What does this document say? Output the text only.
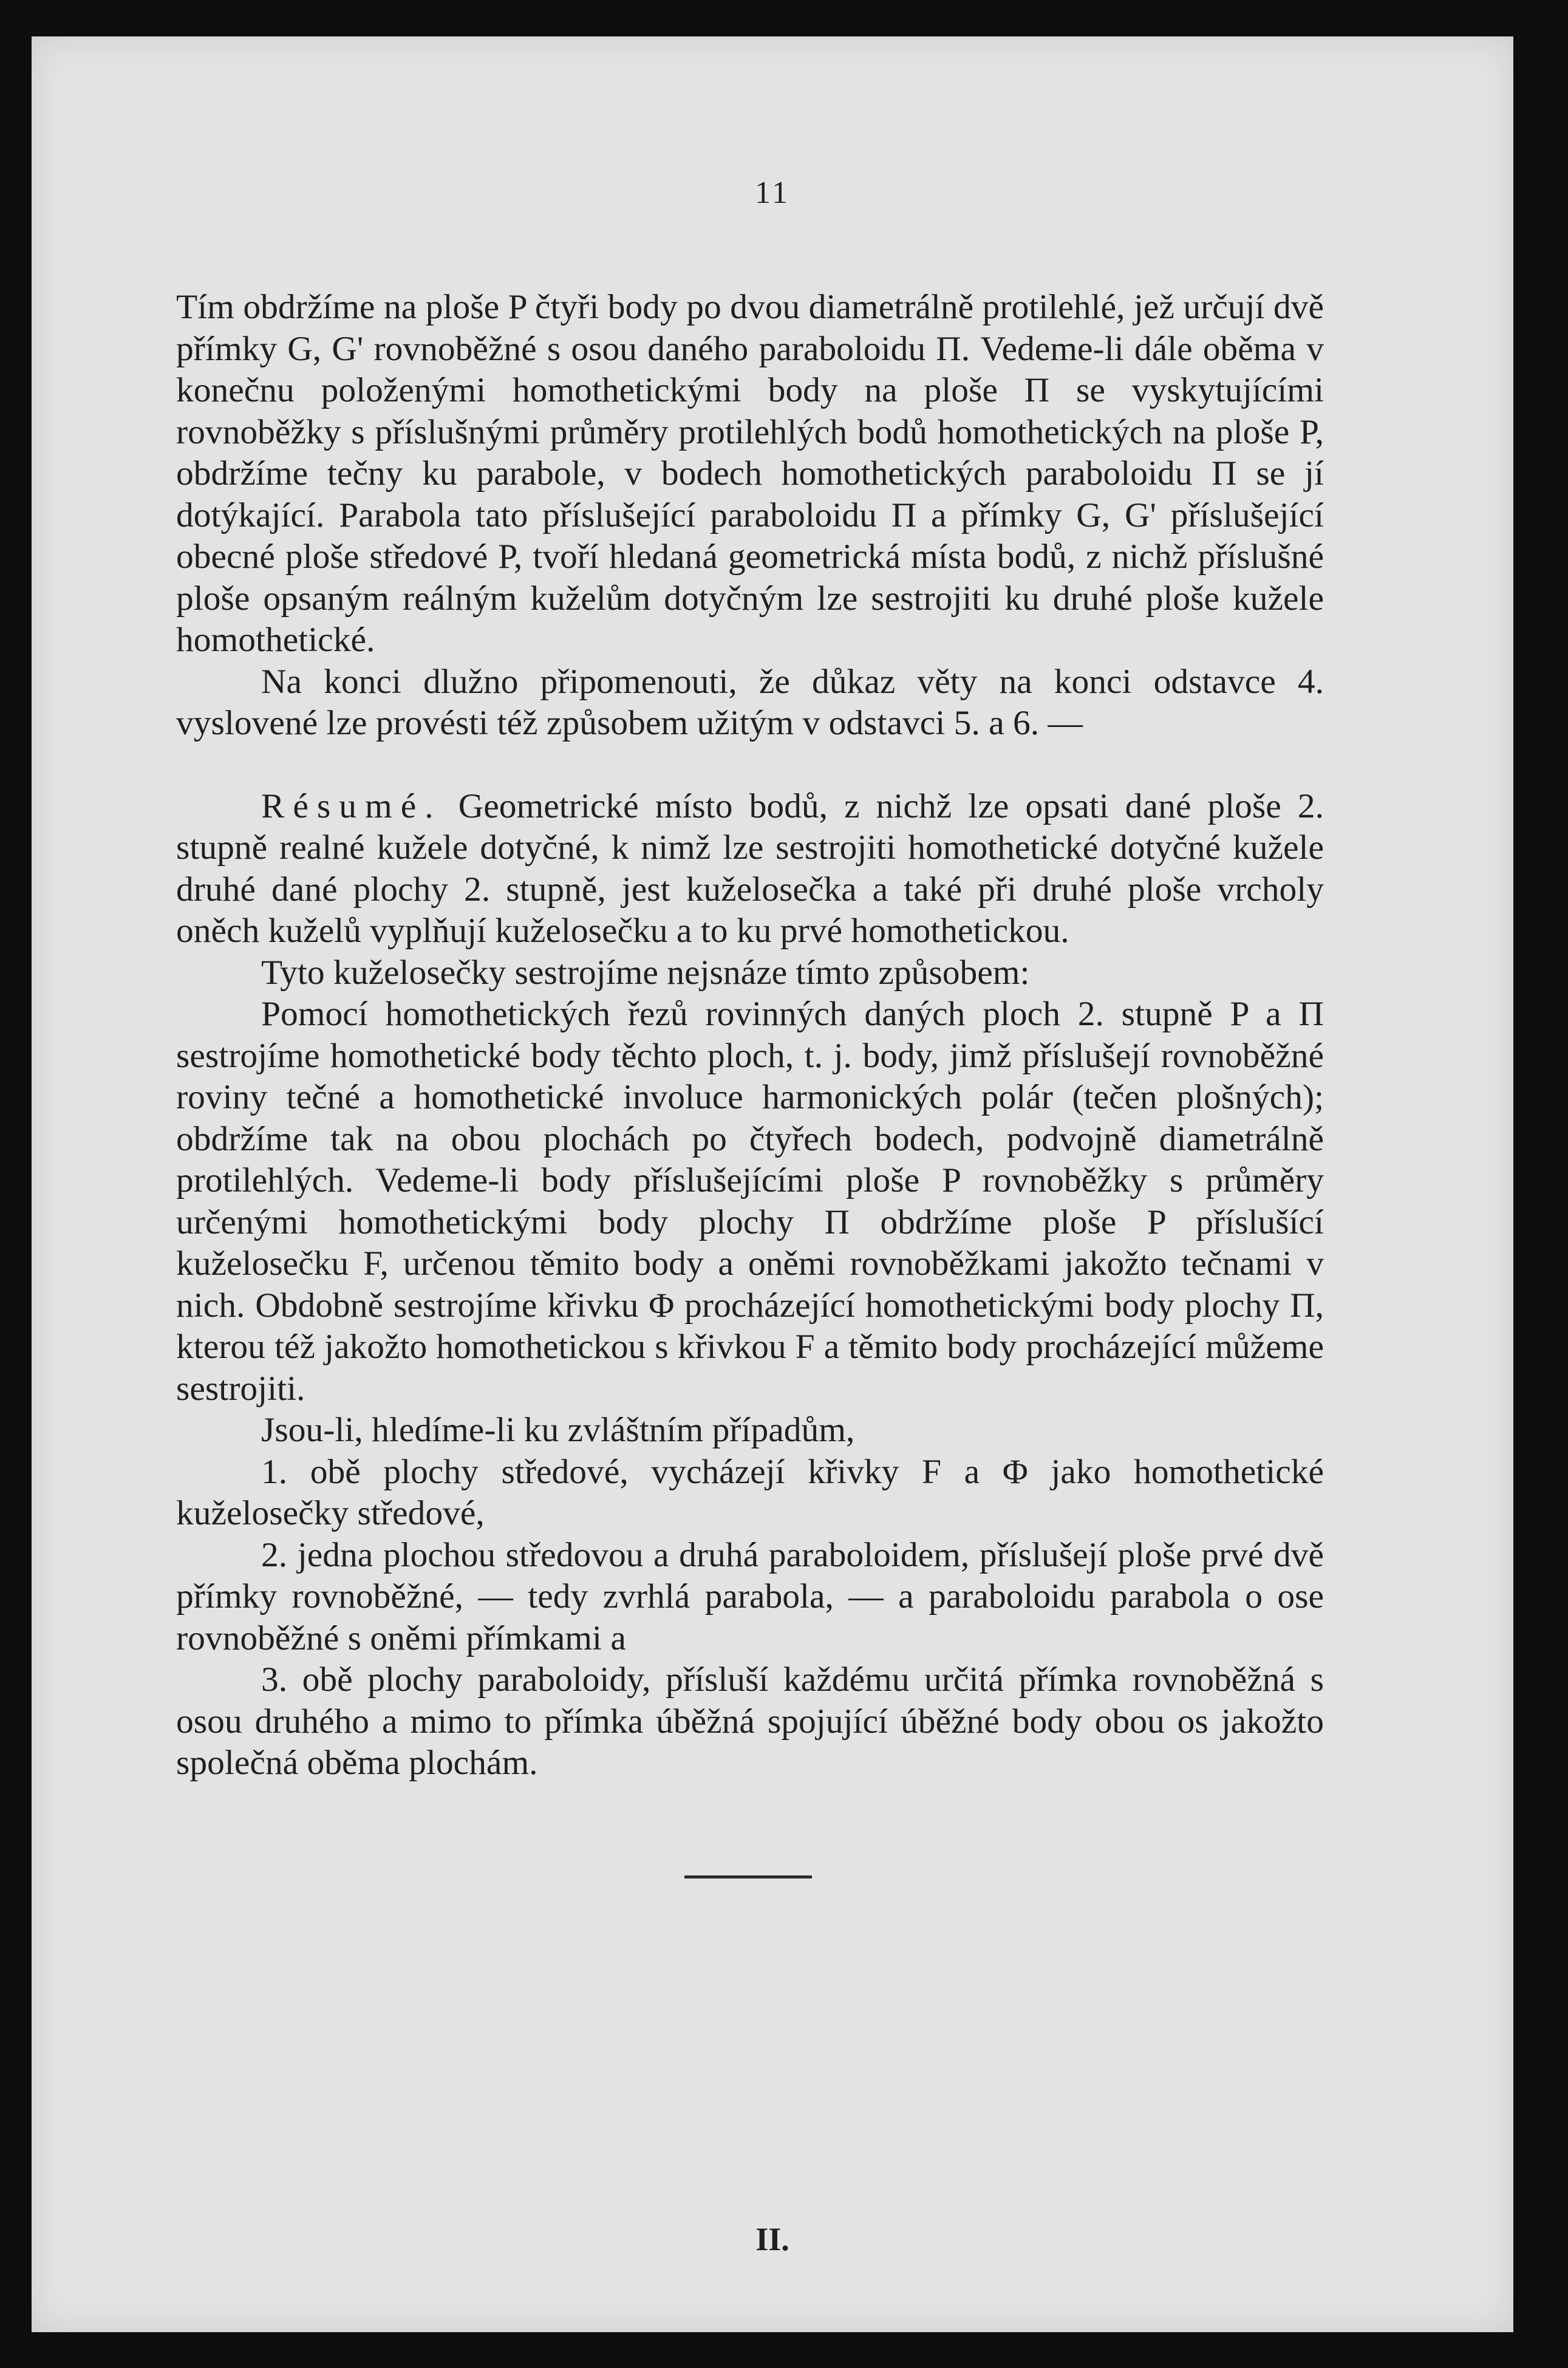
11

Tím obdržíme na ploše P čtyři body po dvou diametrálně protilehlé, jež určují dvě přímky G, G' rovnoběžné s osou daného paraboloidu Π. Vedeme-li dále oběma v konečnu položenými homothetickými body na ploše Π se vyskytujícími rovnoběžky s příslušnými průměry protilehlých bodů homothetických na ploše P, obdržíme tečny ku parabole, v bodech homothetických paraboloidu Π se jí dotýkající. Parabola tato příslušející paraboloidu Π a přímky G, G' příslušející obecné ploše středové P, tvoří hledaná geometrická místa bodů, z nichž příslušné ploše opsaným reálným kuželům dotyčným lze sestrojiti ku druhé ploše kužele homothetické.

Na konci dlužno připomenouti, že důkaz věty na konci odstavce 4. vyslovené lze provésti též způsobem užitým v odstavci 5. a 6. —

Résumé. Geometrické místo bodů, z nichž lze opsati dané ploše 2. stupně realné kužele dotyčné, k nimž lze sestrojiti homothetické dotyčné kužele druhé dané plochy 2. stupně, jest kuželosečka a také při druhé ploše vrcholy oněch kuželů vyplňují kuželosečku a to ku prvé homothetickou.

Tyto kuželosečky sestrojíme nejsnáze tímto způsobem:

Pomocí homothetických řezů rovinných daných ploch 2. stupně P a Π sestrojíme homothetické body těchto ploch, t. j. body, jimž příslušejí rovnoběžné roviny tečné a homothetické involuce harmonických polár (tečen plošných); obdržíme tak na obou plochách po čtyřech bodech, podvojně diametrálně protilehlých. Vedeme-li body příslušejícími ploše P rovnoběžky s průměry určenými homothetickými body plochy Π obdržíme ploše P příslušící kuželosečku F, určenou těmito body a oněmi rovnoběžkami jakožto tečnami v nich. Obdobně sestrojíme křivku Φ procházející homothetickými body plochy Π, kterou též jakožto homothetickou s křivkou F a těmito body procházející můžeme sestrojiti.

Jsou-li, hledíme-li ku zvláštním případům,

1. obě plochy středové, vycházejí křivky F a Φ jako homothetické kuželosečky středové,

2. jedna plochou středovou a druhá paraboloidem, příslušejí ploše prvé dvě přímky rovnoběžné, — tedy zvrhlá parabola, — a paraboloidu parabola o ose rovnoběžné s oněmi přímkami a

3. obě plochy paraboloidy, přísluší každému určitá přímka rovnoběžná s osou druhého a mimo to přímka úběžná spojující úběžné body obou os jakožto společná oběma plochám.

II.
